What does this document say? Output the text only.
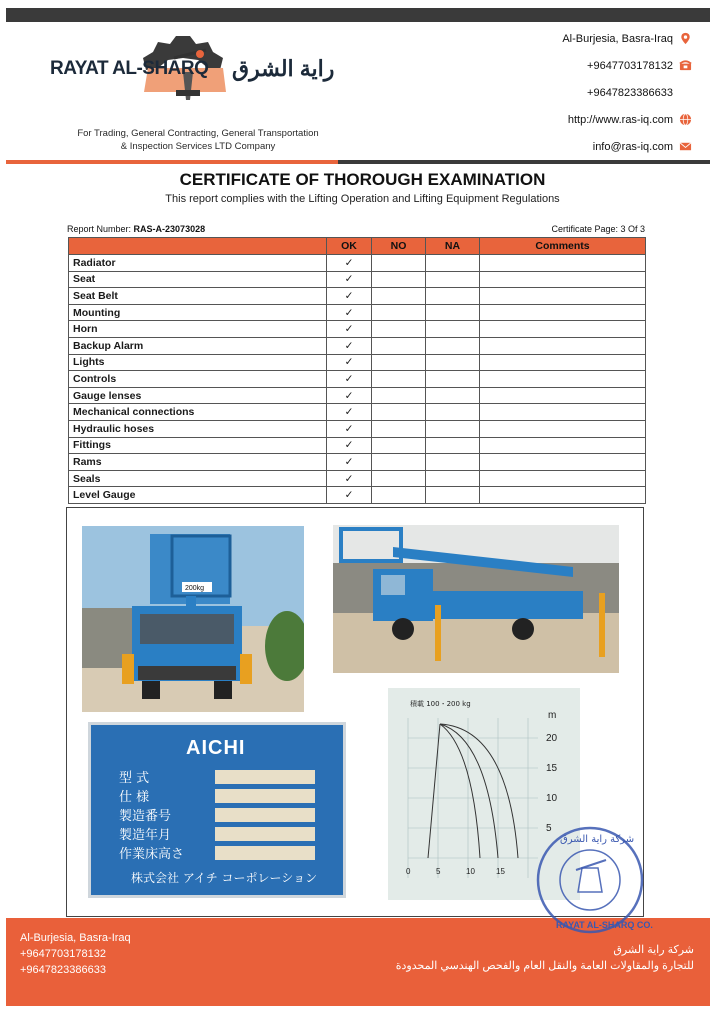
RAYAT AL-SHARQ راية الشرق
For Trading, General Contracting, General Transportation
& Inspection Services LTD Company
Al-Burjesia, Basra-Iraq
+9647703178132
+9647823386633
http://www.ras-iq.com
info@ras-iq.com
CERTIFICATE OF THOROUGH EXAMINATION
This report complies with the Lifting Operation and Lifting Equipment Regulations
Report Number: RAS-A-23073028	Certificate Page: 3 Of 3
	OK	NO	NA	Comments
Radiator	✓			
Seat	✓			
Seat Belt	✓			
Mounting	✓			
Horn	✓			
Backup Alarm	✓			
Lights	✓			
Controls	✓			
Gauge lenses	✓			
Mechanical connections	✓			
Hydraulic hoses	✓			
Fittings	✓			
Rams	✓			
Seals	✓			
Level Gauge	✓			
200kg
AICHI
型 式
仕 様
製造番号
製造年月
作業床高さ
株式会社 アイチ コーポレーション
積載 100・200 kg
m
20
15
10
5
0	5	10	15
Al-Burjesia, Basra-Iraq
+9647703178132
+9647823386633
شركة راية الشرق
للتجارة والمقاولات العامة والنقل العام والفحص الهندسي المحدودة
شركة راية الشرق
RAYAT AL-SHARQ CO.
